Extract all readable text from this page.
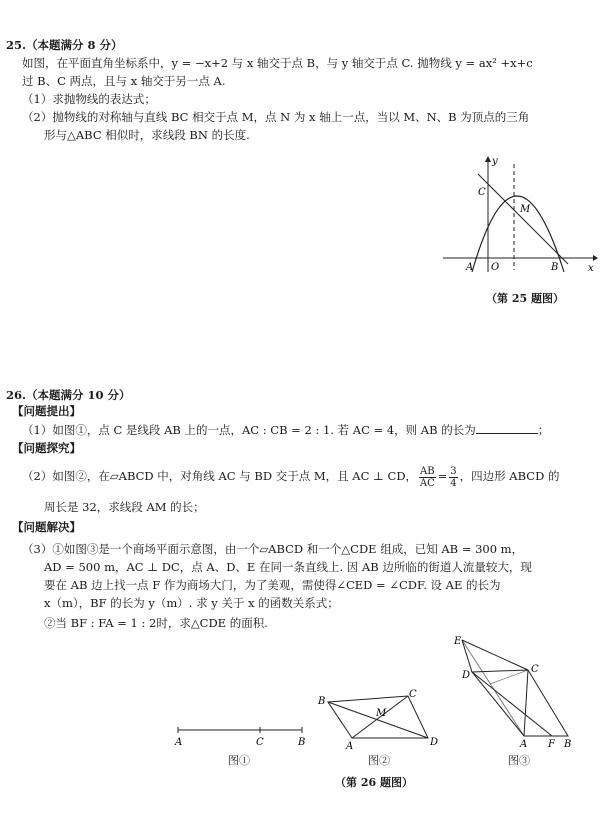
25.（本题满分 8 分）
如图，在平面直角坐标系中，y = −x+2 与 x 轴交于点 B，与 y 轴交于点 C. 抛物线 y = ax² +x+c
过 B、C 两点，且与 x 轴交于另一点 A.
（1）求抛物线的表达式；
（2）抛物线的对称轴与直线 BC 相交于点 M，点 N 为 x 轴上一点，当以 M、N、B 为顶点的三角
形与△ABC 相似时，求线段 BN 的长度.
y
x
C
M
A O	B
（第 25 题图）
26.（本题满分 10 分）
【问题提出】
（1）如图①，点 C 是线段 AB 上的一点，AC : CB = 2 : 1. 若 AC = 4，则 AB 的长为	；
【问题探究】
（2）如图②，在▱ABCD 中，对角线 AC 与 BD 交于点 M，且 AC ⊥ CD， $\frac{AB}{AC} = \frac{3}{4}$ ，四边形 ABCD 的
周长是 32，求线段 AM 的长；
【问题解决】
（3）①如图③是一个商场平面示意图，由一个▱ABCD 和一个△CDE 组成，已知 AB = 300 m，
AD = 500 m，AC ⊥ DC，点 A、D、E 在同一条直线上. 因 AB 边所临的街道人流量较大，现
要在 AB 边上找一点 F 作为商场大门，为了美观，需使得∠CED = ∠CDF. 设 AE 的长为
x（m），BF 的长为 y（m）. 求 y 关于 x 的函数关系式；
②当 BF : FA = 1 : 2时，求△CDE 的面积.
A	C	B
图①
B
C
M
A	D
图②
E
C
D
A F B
图③
（第 26 题图）
